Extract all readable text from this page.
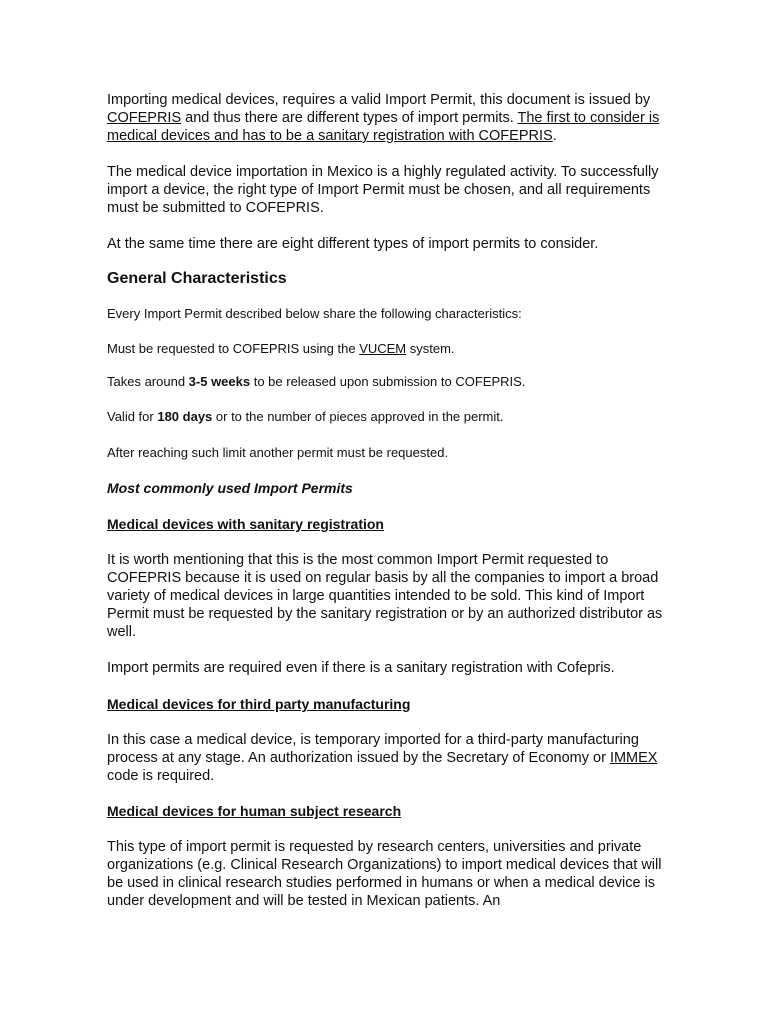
Importing medical devices, requires a valid Import Permit, this document is issued by COFEPRIS and thus there are different types of import permits. The first to consider is medical devices and has to be a sanitary registration with COFEPRIS.

The medical device importation in Mexico is a highly regulated activity. To successfully import a device, the right type of Import Permit must be chosen, and all requirements must be submitted to COFEPRIS.

At the same time there are eight different types of import permits to consider.

General Characteristics

Every Import Permit described below share the following characteristics:

Must be requested to COFEPRIS using the VUCEM system.

Takes around 3-5 weeks to be released upon submission to COFEPRIS.

Valid for 180 days or to the number of pieces approved in the permit.

After reaching such limit another permit must be requested.

Most commonly used Import Permits

Medical devices with sanitary registration

It is worth mentioning that this is the most common Import Permit requested to COFEPRIS because it is used on regular basis by all the companies to import a broad variety of medical devices in large quantities intended to be sold. This kind of Import Permit must be requested by the sanitary registration or by an authorized distributor as well.

Import permits are required even if there is a sanitary registration with Cofepris.

Medical devices for third party manufacturing

In this case a medical device, is temporary imported for a third-party manufacturing process at any stage. An authorization issued by the Secretary of Economy or IMMEX code is required.

Medical devices for human subject research

This type of import permit is requested by research centers, universities and private organizations (e.g. Clinical Research Organizations) to import medical devices that will be used in clinical research studies performed in humans or when a medical device is under development and will be tested in Mexican patients. An
